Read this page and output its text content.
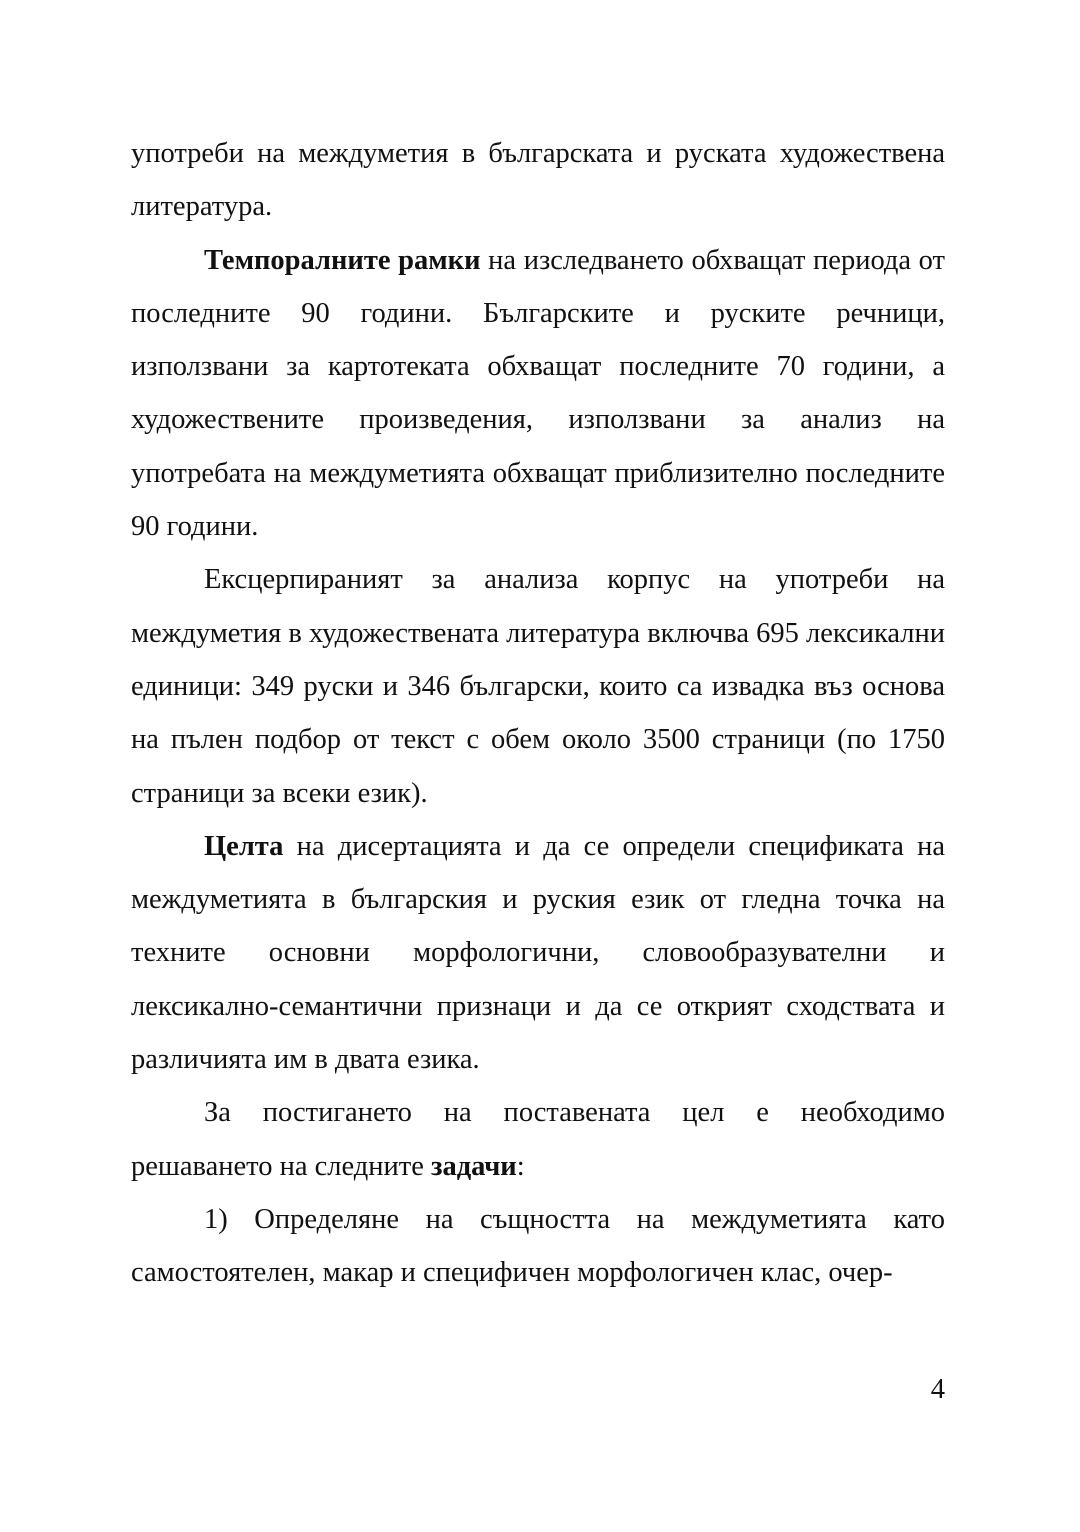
употреби на междуметия в българската и руската художествена литература.

Темпоралните рамки на изследването обхващат периода от последните 90 години. Българските и руските речници, използвани за картотеката обхващат последните 70 години, а художествените произведения, използвани за анализ на употребата на междуметията обхващат приблизително последните 90 години.

Ексцерпираният за анализа корпус на употреби на междуметия в художествената литература включва 695 лексикални единици: 349 руски и 346 български, които са извадка въз основа на пълен подбор от текст с обем около 3500 страници (по 1750 страници за всеки език).

Целта на дисертацията и да се определи спецификата на междуметията в българския и руския език от гледна точка на техните основни морфологични, словообразувателни и лексикално-семантични признаци и да се открият сходствата и различията им в двата езика.

За постигането на поставената цел е необходимо решаването на следните задачи:

1) Определяне на същността на междуметията като самостоятелен, макар и специфичен морфологичен клас, очер-

4
